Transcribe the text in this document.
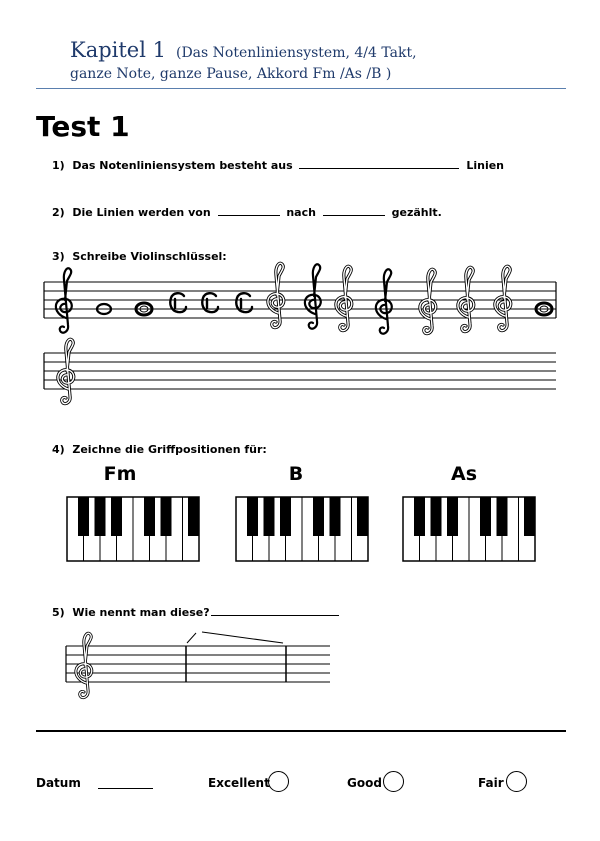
Kapitel 1 (Das Notenliniensystem, 4/4 Takt,
ganze Note, ganze Pause, Akkord Fm /As /B )
Test 1
1) Das Notenliniensystem besteht aus	Linien
2) Die Linien werden von	nach	gezählt.
3) Schreibe Violinschlüssel:
4) Zeichne die Griffpositionen für:
Fm	B	As
5) Wie nennt man diese?
Datum	Excellent	Good	Fair
